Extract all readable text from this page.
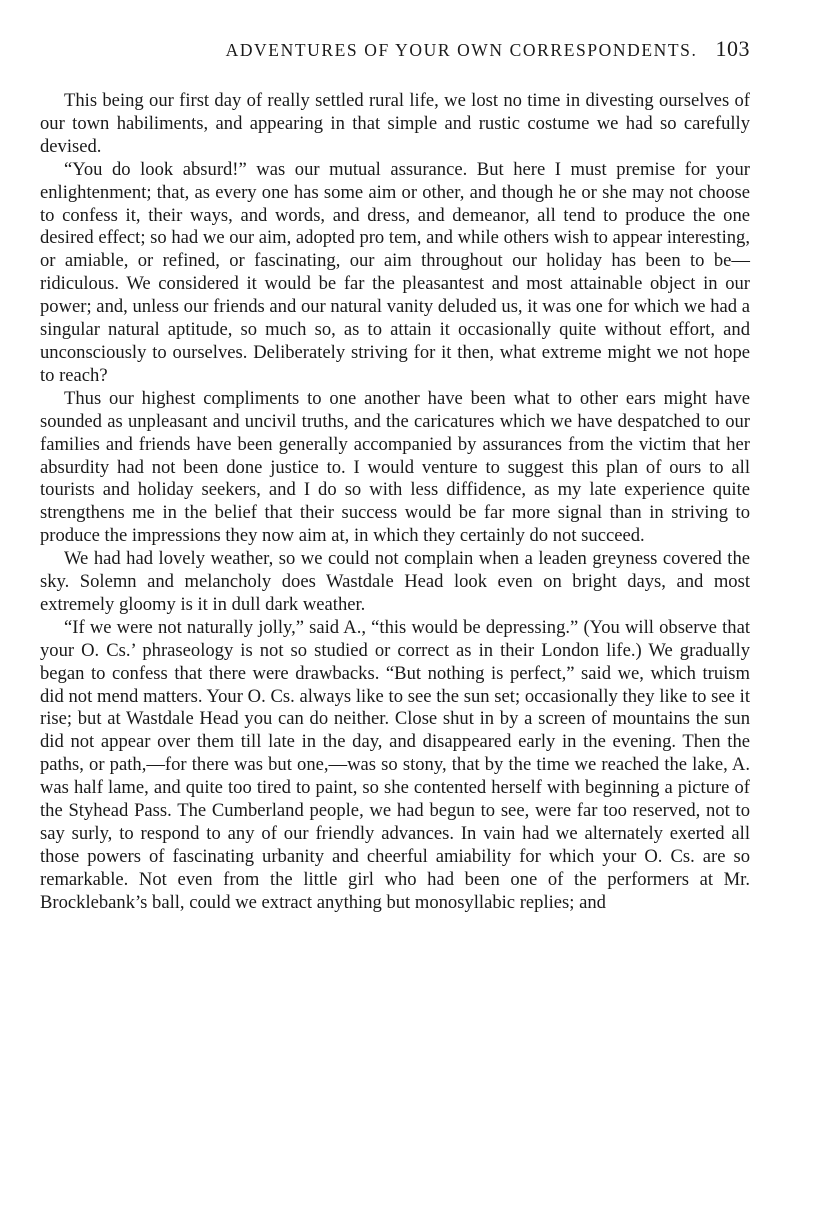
ADVENTURES OF YOUR OWN CORRESPONDENTS. 103

This being our first day of really settled rural life, we lost no time in divesting ourselves of our town habiliments, and appearing in that simple and rustic costume we had so carefully devised.

“You do look absurd!” was our mutual assurance. But here I must premise for your enlightenment; that, as every one has some aim or other, and though he or she may not choose to confess it, their ways, and words, and dress, and demeanor, all tend to produce the one desired effect; so had we our aim, adopted pro tem, and while others wish to appear interesting, or amiable, or refined, or fascinating, our aim throughout our holiday has been to be—ridiculous. We considered it would be far the pleasantest and most attainable object in our power; and, unless our friends and our natural vanity deluded us, it was one for which we had a singular natural aptitude, so much so, as to attain it occasionally quite without effort, and unconsciously to ourselves. Deliberately striving for it then, what extreme might we not hope to reach?

Thus our highest compliments to one another have been what to other ears might have sounded as unpleasant and uncivil truths, and the caricatures which we have despatched to our families and friends have been generally accompanied by assurances from the victim that her absurdity had not been done justice to. I would venture to suggest this plan of ours to all tourists and holiday seekers, and I do so with less diffidence, as my late experience quite strengthens me in the belief that their success would be far more signal than in striving to produce the impressions they now aim at, in which they certainly do not succeed.

We had had lovely weather, so we could not complain when a leaden greyness covered the sky. Solemn and melancholy does Wastdale Head look even on bright days, and most extremely gloomy is it in dull dark weather.

“If we were not naturally jolly,” said A., “this would be depressing.” (You will observe that your O. Cs.’ phraseology is not so studied or correct as in their London life.) We gradually began to confess that there were drawbacks. “But nothing is perfect,” said we, which truism did not mend matters. Your O. Cs. always like to see the sun set; occasionally they like to see it rise; but at Wastdale Head you can do neither. Close shut in by a screen of mountains the sun did not appear over them till late in the day, and disappeared early in the evening. Then the paths, or path,—for there was but one,—was so stony, that by the time we reached the lake, A. was half lame, and quite too tired to paint, so she contented herself with beginning a picture of the Styhead Pass. The Cumberland people, we had begun to see, were far too reserved, not to say surly, to respond to any of our friendly advances. In vain had we alternately exerted all those powers of fascinating urbanity and cheerful amiability for which your O. Cs. are so remarkable. Not even from the little girl who had been one of the performers at Mr. Brocklebank’s ball, could we extract anything but monosyllabic replies; and
